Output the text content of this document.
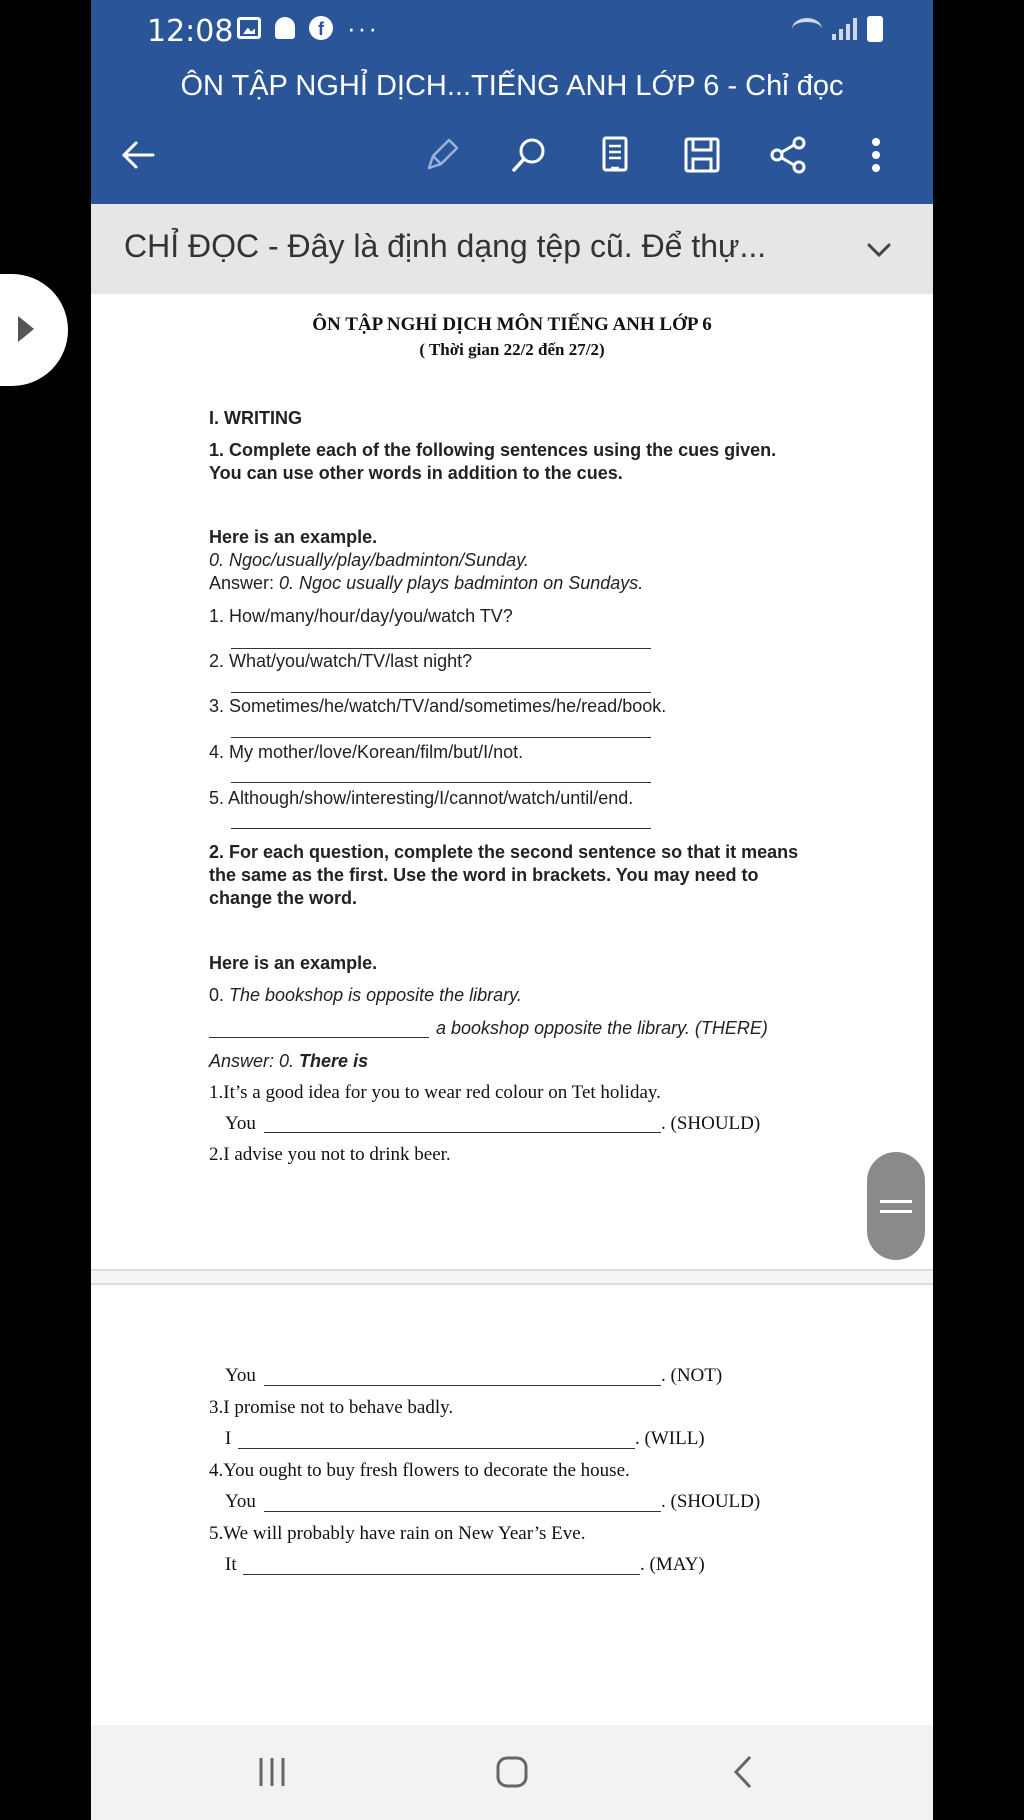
12:08	f ···
ÔN TẬP NGHỈ DỊCH...TIẾNG ANH LỚP 6 - Chỉ đọc
CHỈ ĐỌC - Đây là định dạng tệp cũ. Để thự...
ÔN TẬP NGHỈ DỊCH MÔN TIẾNG ANH LỚP 6
( Thời gian 22/2 đến 27/2)
I. WRITING
1. Complete each of the following sentences using the cues given.
You can use other words in addition to the cues.
Here is an example.
0. Ngoc/usually/play/badminton/Sunday.
Answer: 0. Ngoc usually plays badminton on Sundays.
1. How/many/hour/day/you/watch TV?
2. What/you/watch/TV/last night?
3. Sometimes/he/watch/TV/and/sometimes/he/read/book.
4. My mother/love/Korean/film/but/I/not.
5. Although/show/interesting/I/cannot/watch/until/end.
2. For each question, complete the second sentence so that it means
the same as the first. Use the word in brackets. You may need to
change the word.
Here is an example.
0. The bookshop is opposite the library.
a bookshop opposite the library. (THERE)
Answer: 0. There is
1.It’s a good idea for you to wear red colour on Tet holiday.
You	. (SHOULD)
2.I advise you not to drink beer.
You	. (NOT)
3.I promise not to behave badly.
I	. (WILL)
4.You ought to buy fresh flowers to decorate the house.
You	. (SHOULD)
5.We will probably have rain on New Year’s Eve.
It	. (MAY)
